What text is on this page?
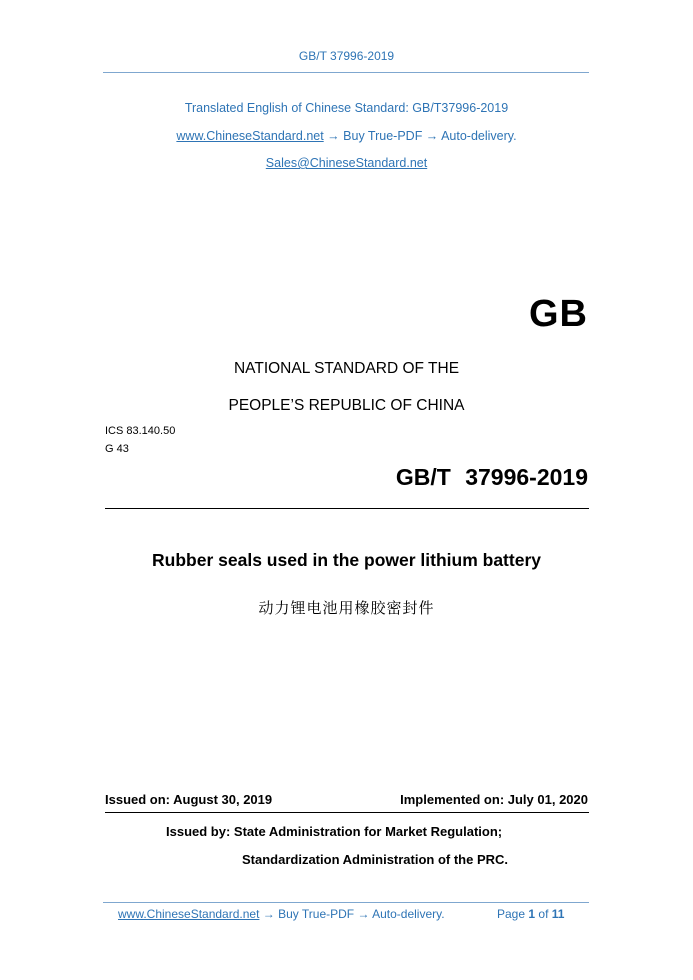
GB/T 37996-2019
Translated English of Chinese Standard: GB/T37996-2019
www.ChineseStandard.net → Buy True-PDF → Auto-delivery.
Sales@ChineseStandard.net
GB
NATIONAL STANDARD OF THE
PEOPLE’S REPUBLIC OF CHINA
ICS 83.140.50
G 43
GB/T 37996-2019
Rubber seals used in the power lithium battery
动力锂电池用橡胶密封件
Issued on: August 30, 2019	Implemented on: July 01, 2020
Issued by: State Administration for Market Regulation;
Standardization Administration of the PRC.
www.ChineseStandard.net → Buy True-PDF → Auto-delivery.	Page 1 of 11
